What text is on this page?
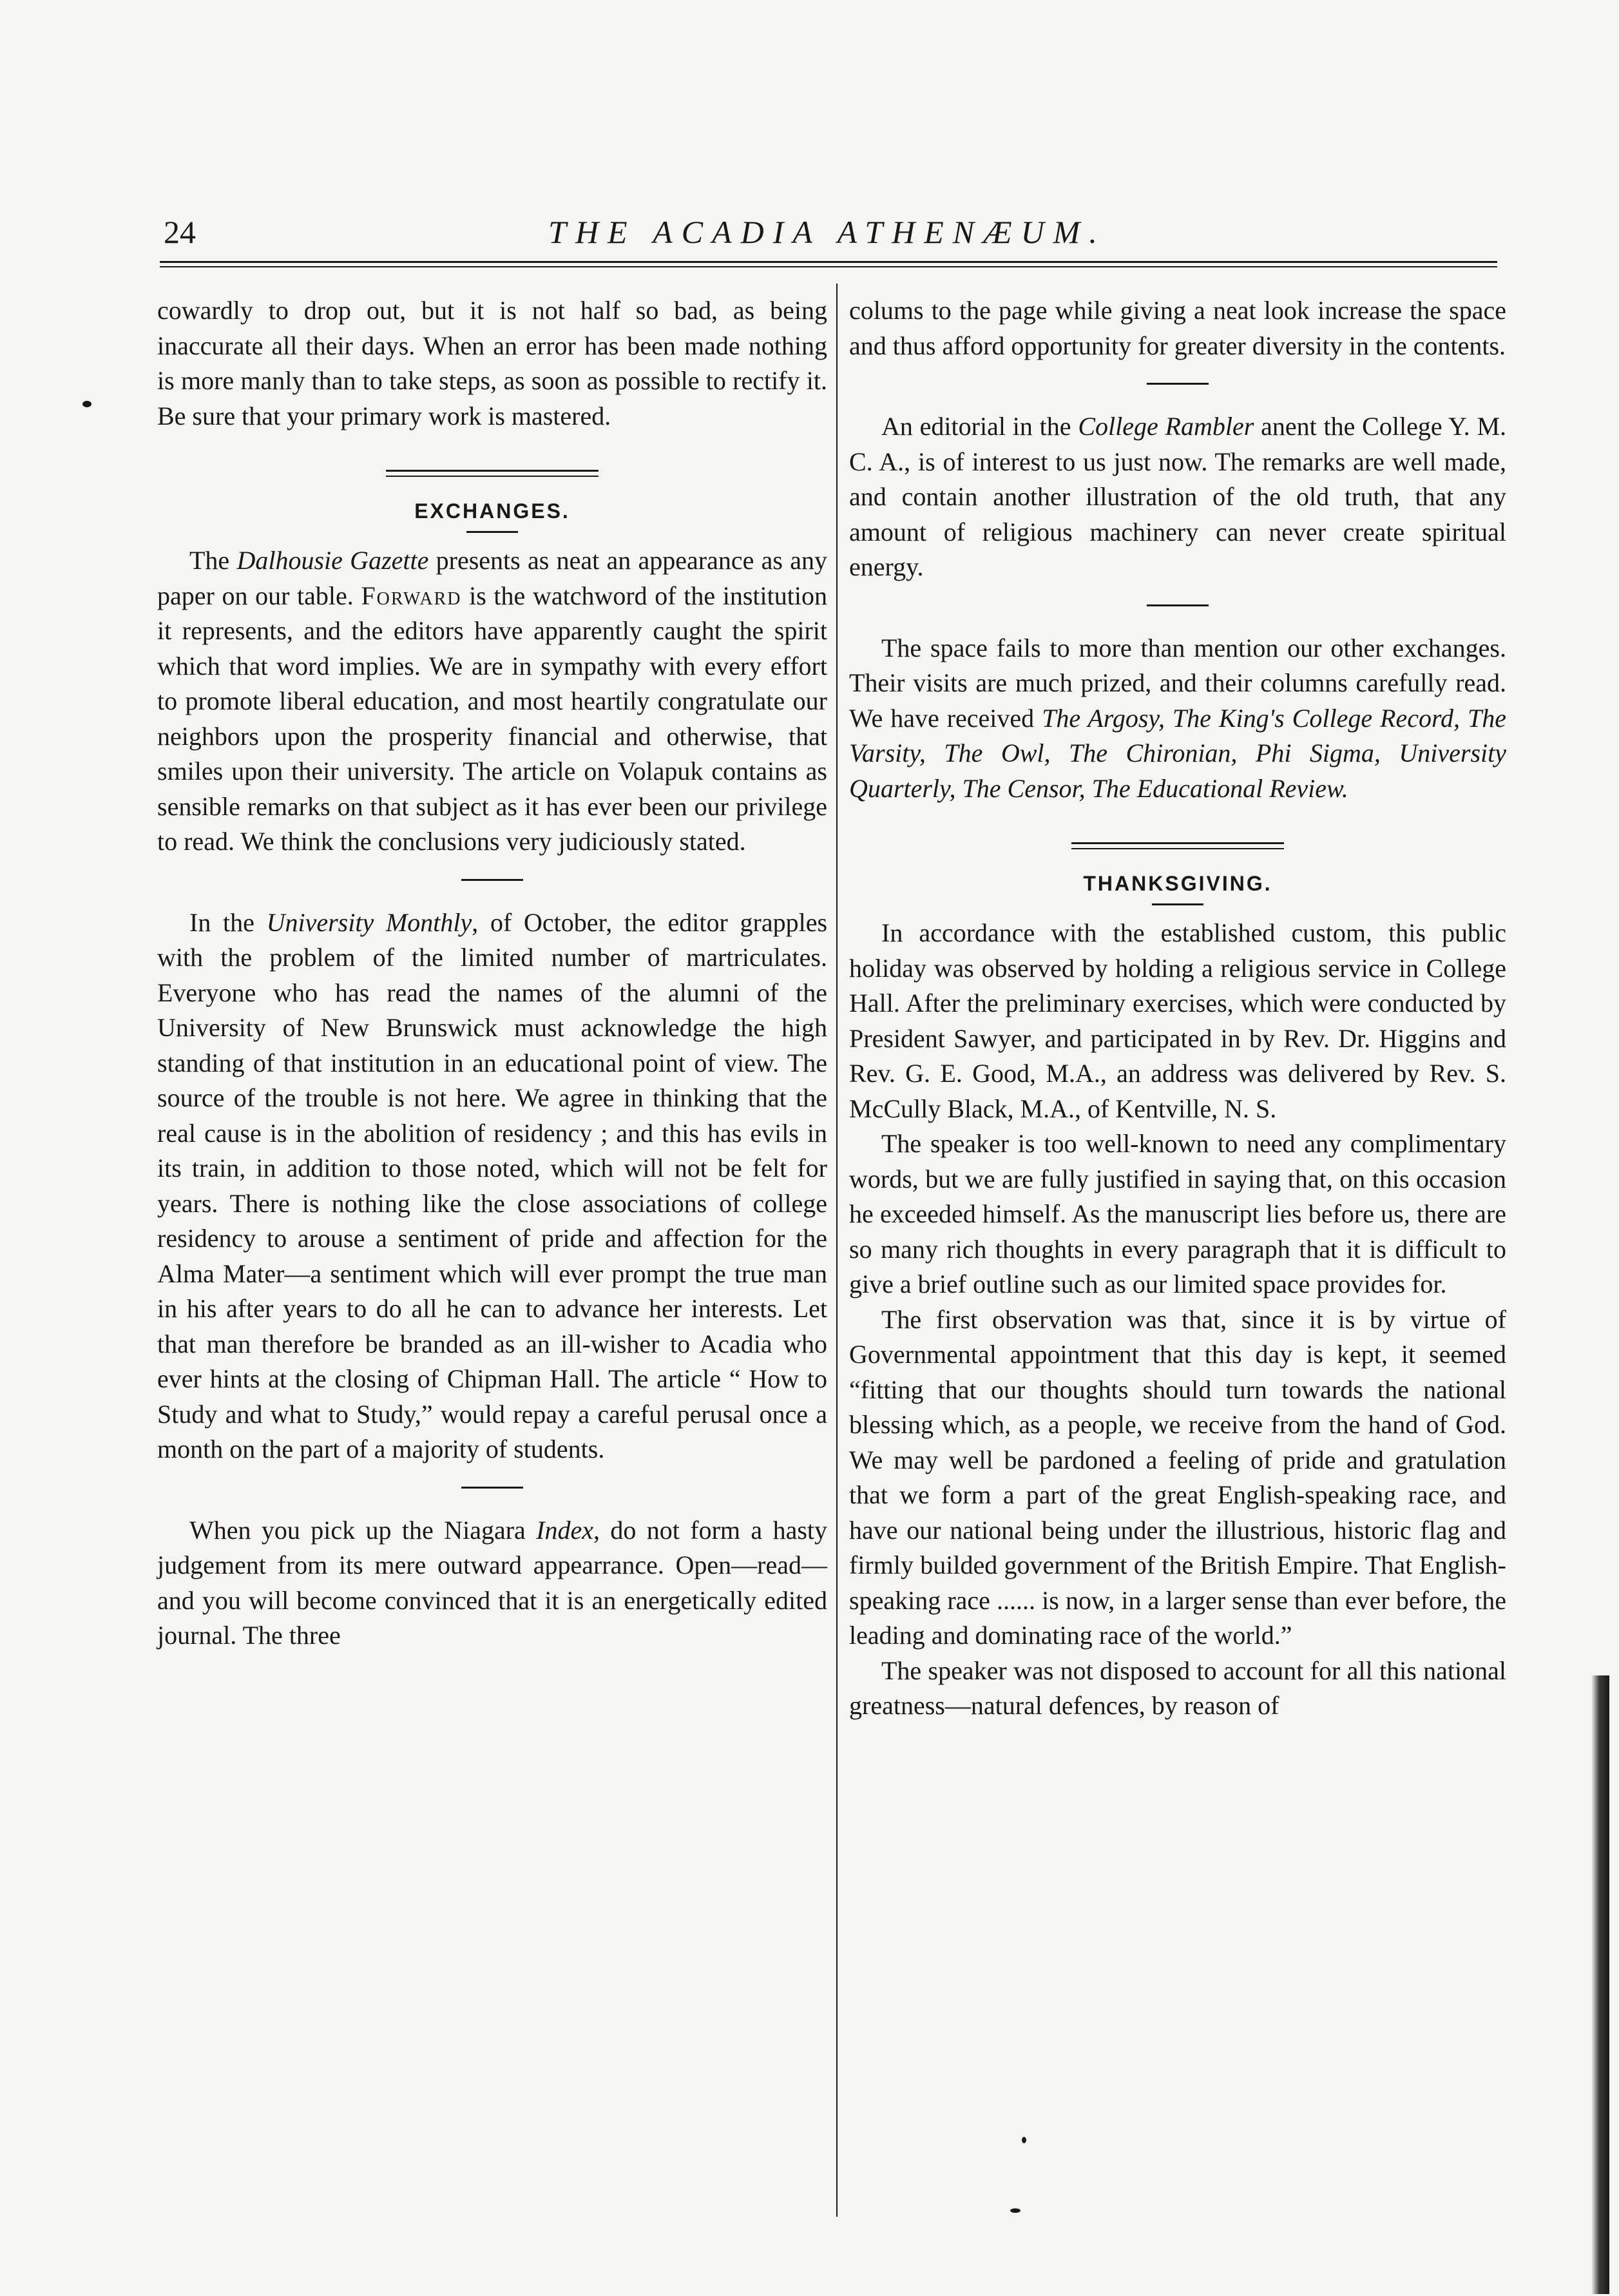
24	THE ACADIA ATHENÆUM.

cowardly to drop out, but it is not half so bad, as being inaccurate all their days. When an error has been made nothing is more manly than to take steps, as soon as possible to rectify it. Be sure that your primary work is mastered.

EXCHANGES.

The Dalhousie Gazette presents as neat an appearance as any paper on our table. Forward is the watchword of the institution it represents, and the editors have apparently caught the spirit which that word implies. We are in sympathy with every effort to promote liberal education, and most heartily congratulate our neighbors upon the prosperity financial and otherwise, that smiles upon their university. The article on Volapuk contains as sensible remarks on that subject as it has ever been our privilege to read. We think the conclusions very judiciously stated.

In the University Monthly, of October, the editor grapples with the problem of the limited number of martriculates. Everyone who has read the names of the alumni of the University of New Brunswick must acknowledge the high standing of that institution in an educational point of view. The source of the trouble is not here. We agree in thinking that the real cause is in the abolition of residency ; and this has evils in its train, in addition to those noted, which will not be felt for years. There is nothing like the close associations of college residency to arouse a sentiment of pride and affection for the Alma Mater—a sentiment which will ever prompt the true man in his after years to do all he can to advance her interests. Let that man therefore be branded as an ill-wisher to Acadia who ever hints at the closing of Chipman Hall. The article “ How to Study and what to Study,” would repay a careful perusal once a month on the part of a majority of students.

When you pick up the Niagara Index, do not form a hasty judgement from its mere outward appearrance. Open—read—and you will become convinced that it is an energetically edited journal. The three

colums to the page while giving a neat look increase the space and thus afford opportunity for greater diversity in the contents.

An editorial in the College Rambler anent the College Y. M. C. A., is of interest to us just now. The remarks are well made, and contain another illustration of the old truth, that any amount of religious machinery can never create spiritual energy.

The space fails to more than mention our other exchanges. Their visits are much prized, and their columns carefully read. We have received The Argosy, The King's College Record, The Varsity, The Owl, The Chironian, Phi Sigma, University Quarterly, The Censor, The Educational Review.

THANKSGIVING.

In accordance with the established custom, this public holiday was observed by holding a religious service in College Hall. After the preliminary exercises, which were conducted by President Sawyer, and participated in by Rev. Dr. Higgins and Rev. G. E. Good, M.A., an address was delivered by Rev. S. McCully Black, M.A., of Kentville, N. S.

The speaker is too well-known to need any complimentary words, but we are fully justified in saying that, on this occasion he exceeded himself. As the manuscript lies before us, there are so many rich thoughts in every paragraph that it is difficult to give a brief outline such as our limited space provides for.

The first observation was that, since it is by virtue of Governmental appointment that this day is kept, it seemed “fitting that our thoughts should turn towards the national blessing which, as a people, we receive from the hand of God. We may well be pardoned a feeling of pride and gratulation that we form a part of the great English-speaking race, and have our national being under the illustrious, historic flag and firmly builded government of the British Empire. That English-speaking race ...... is now, in a larger sense than ever before, the leading and dominating race of the world.”

The speaker was not disposed to account for all this national greatness—natural defences, by reason of
